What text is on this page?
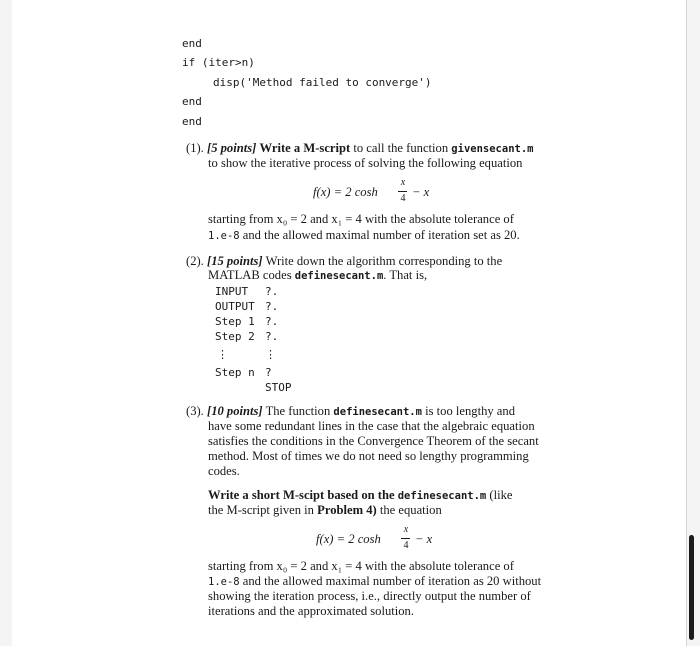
end
if (iter>n)
disp('Method failed to converge')
end
end
(1). [5 points] Write a M-script to call the function givensecant.m
to show the iterative process of solving the following equation
f(x) = 2 cosh
x
4 − x
starting from x₀ = 2 and x₁ = 4 with the absolute tolerance of
1.e-8 and the allowed maximal number of iteration set as 20.
(2). [15 points] Write down the algorithm corresponding to the
MATLAB codes definesecant.m. That is,
INPUT ?.
OUTPUT ?.
Step 1 ?.
Step 2 ?.
⋮	⋮
Step n ?
STOP
(3). [10 points] The function definesecant.m is too lengthy and
have some redundant lines in the case that the algebraic equation
satisfies the conditions in the Convergence Theorem of the secant
method. Most of times we do not need so lengthy programming
codes.
Write a short M-scipt based on the definesecant.m (like
the M-script given in Problem 4) the equation
f(x) = 2 cosh
x
4 − x
starting from x₀ = 2 and x₁ = 4 with the absolute tolerance of
1.e-8 and the allowed maximal number of iteration as 20 without
showing the iteration process, i.e., directly output the number of
iterations and the approximated solution.
